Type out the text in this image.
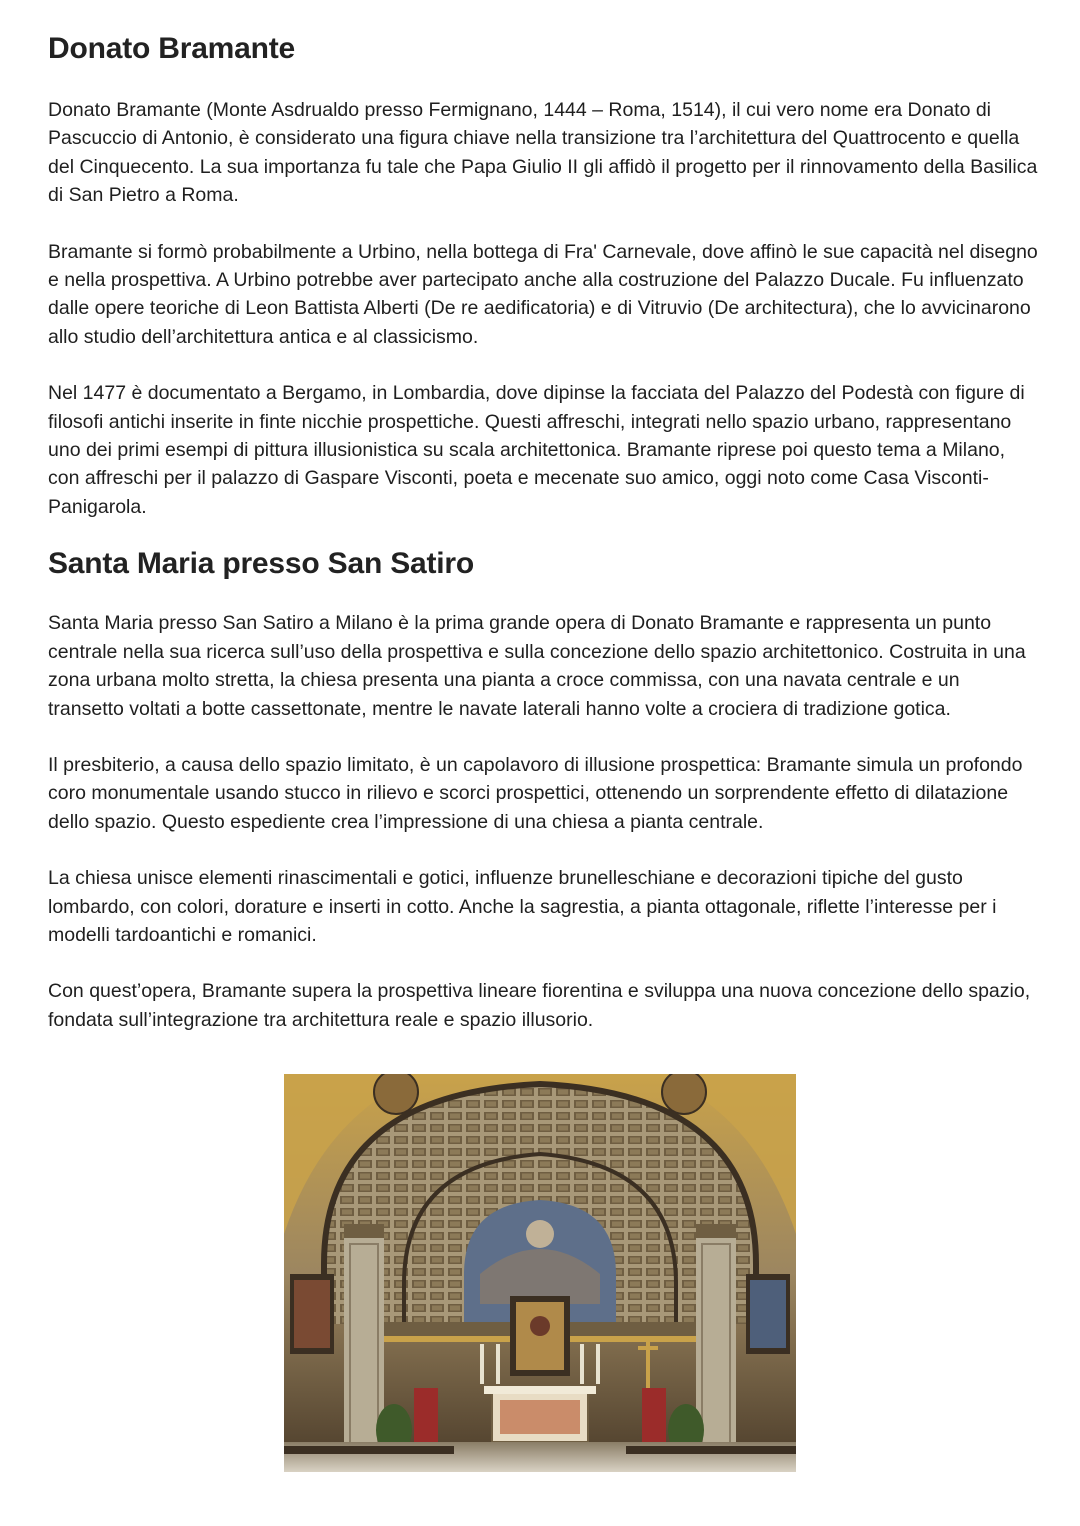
Donato Bramante

Donato Bramante (Monte Asdrualdo presso Fermignano, 1444 – Roma, 1514), il cui vero nome era Donato di Pascuccio di Antonio, è considerato una figura chiave nella transizione tra l’architettura del Quattrocento e quella del Cinquecento. La sua importanza fu tale che Papa Giulio II gli affidò il progetto per il rinnovamento della Basilica di San Pietro a Roma.

Bramante si formò probabilmente a Urbino, nella bottega di Fra' Carnevale, dove affinò le sue capacità nel disegno e nella prospettiva. A Urbino potrebbe aver partecipato anche alla costruzione del Palazzo Ducale. Fu influenzato dalle opere teoriche di Leon Battista Alberti (De re aedificatoria) e di Vitruvio (De architectura), che lo avvicinarono allo studio dell’architettura antica e al classicismo.

Nel 1477 è documentato a Bergamo, in Lombardia, dove dipinse la facciata del Palazzo del Podestà con figure di filosofi antichi inserite in finte nicchie prospettiche. Questi affreschi, integrati nello spazio urbano, rappresentano uno dei primi esempi di pittura illusionistica su scala architettonica. Bramante riprese poi questo tema a Milano, con affreschi per il palazzo di Gaspare Visconti, poeta e mecenate suo amico, oggi noto come Casa Visconti-Panigarola.

Santa Maria presso San Satiro

Santa Maria presso San Satiro a Milano è la prima grande opera di Donato Bramante e rappresenta un punto centrale nella sua ricerca sull’uso della prospettiva e sulla concezione dello spazio architettonico. Costruita in una zona urbana molto stretta, la chiesa presenta una pianta a croce commissa, con una navata centrale e un transetto voltati a botte cassettonate, mentre le navate laterali hanno volte a crociera di tradizione gotica.

Il presbiterio, a causa dello spazio limitato, è un capolavoro di illusione prospettica: Bramante simula un profondo coro monumentale usando stucco in rilievo e scorci prospettici, ottenendo un sorprendente effetto di dilatazione dello spazio. Questo espediente crea l’impressione di una chiesa a pianta centrale.

La chiesa unisce elementi rinascimentali e gotici, influenze brunelleschiane e decorazioni tipiche del gusto lombardo, con colori, dorature e inserti in cotto. Anche la sagrestia, a pianta ottagonale, riflette l’interesse per i modelli tardoantichi e romanici.

Con quest’opera, Bramante supera la prospettiva lineare fiorentina e sviluppa una nuova concezione dello spazio, fondata sull’integrazione tra architettura reale e spazio illusorio.
